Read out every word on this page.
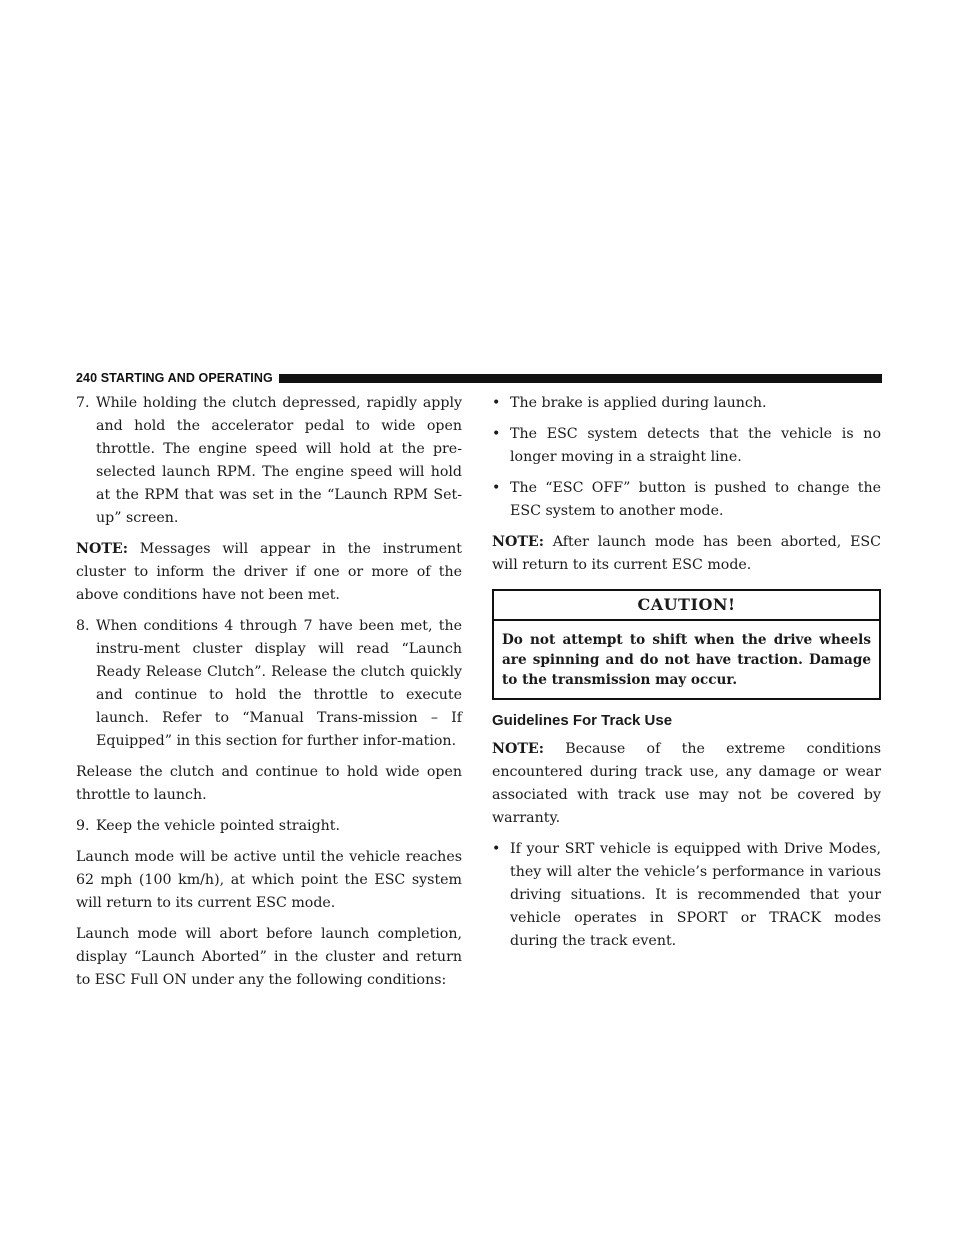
240 STARTING AND OPERATING
7. While holding the clutch depressed, rapidly apply and hold the accelerator pedal to wide open throttle. The engine speed will hold at the pre-selected launch RPM. The engine speed will hold at the RPM that was set in the “Launch RPM Set-up” screen.

NOTE: Messages will appear in the instrument cluster to inform the driver if one or more of the above conditions have not been met.

8. When conditions 4 through 7 have been met, the instru-ment cluster display will read “Launch Ready Release Clutch”. Release the clutch quickly and continue to hold the throttle to execute launch. Refer to “Manual Trans-mission – If Equipped” in this section for further infor-mation.

Release the clutch and continue to hold wide open throttle to launch.

9. Keep the vehicle pointed straight.

Launch mode will be active until the vehicle reaches 62 mph (100 km/h), at which point the ESC system will return to its current ESC mode.

Launch mode will abort before launch completion, display “Launch Aborted” in the cluster and return to ESC Full ON under any the following conditions:

• The brake is applied during launch.
• The ESC system detects that the vehicle is no longer moving in a straight line.
• The “ESC OFF” button is pushed to change the ESC system to another mode.

NOTE: After launch mode has been aborted, ESC will return to its current ESC mode.

CAUTION!
Do not attempt to shift when the drive wheels are spinning and do not have traction. Damage to the transmission may occur.
Guidelines For Track Use

NOTE: Because of the extreme conditions encountered during track use, any damage or wear associated with track use may not be covered by warranty.

• If your SRT vehicle is equipped with Drive Modes, they will alter the vehicle’s performance in various driving situations. It is recommended that your vehicle operates in SPORT or TRACK modes during the track event.
